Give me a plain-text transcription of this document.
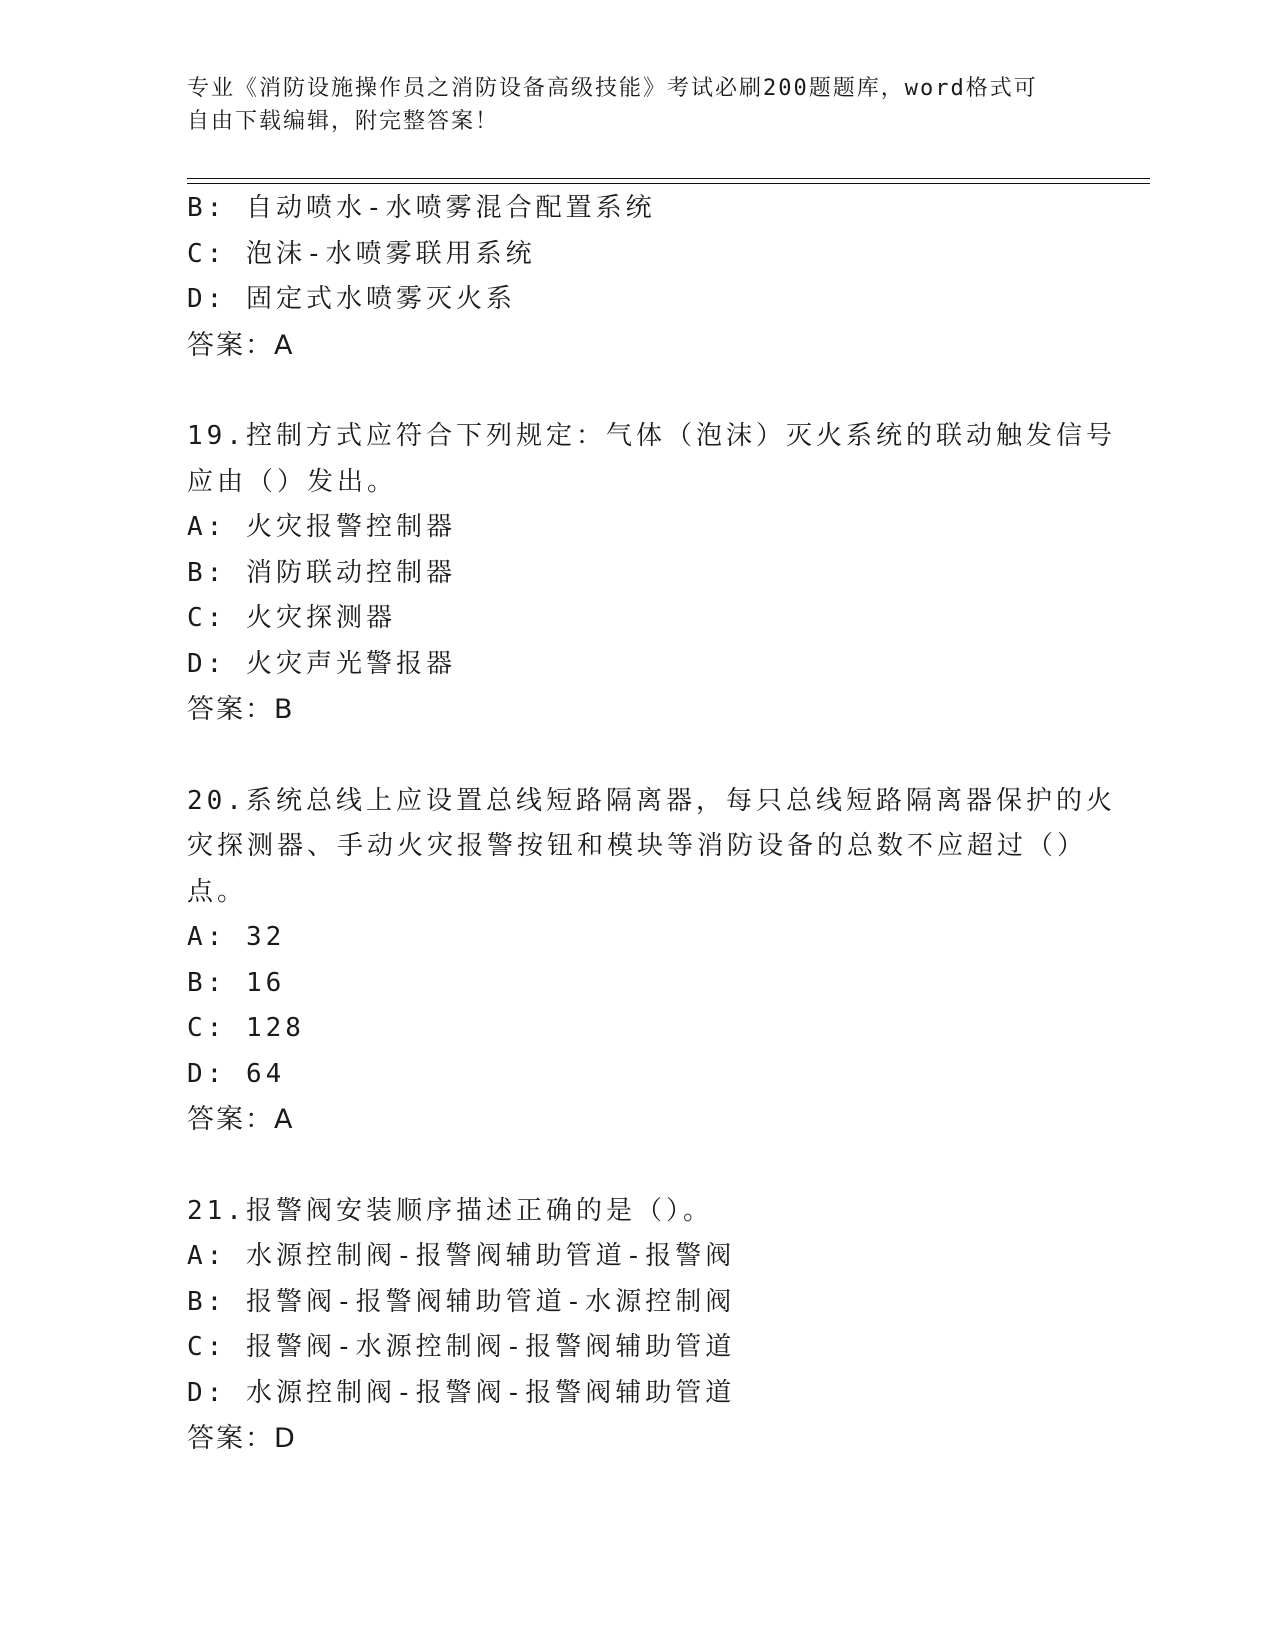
专业《消防设施操作员之消防设备高级技能》考试必刷200题题库，word格式可
自由下载编辑，附完整答案！
B: 自动喷水-水喷雾混合配置系统
C: 泡沫-水喷雾联用系统
D: 固定式水喷雾灭火系
答案：A
19.控制方式应符合下列规定：气体（泡沫）灭火系统的联动触发信号
应由（）发出。
A: 火灾报警控制器
B: 消防联动控制器
C: 火灾探测器
D: 火灾声光警报器
答案：B
20.系统总线上应设置总线短路隔离器，每只总线短路隔离器保护的火
灾探测器、手动火灾报警按钮和模块等消防设备的总数不应超过（）
点。
A: 32
B: 16
C: 128
D: 64
答案：A
21.报警阀安装顺序描述正确的是（）。
A: 水源控制阀-报警阀辅助管道-报警阀
B: 报警阀-报警阀辅助管道-水源控制阀
C: 报警阀-水源控制阀-报警阀辅助管道
D: 水源控制阀-报警阀-报警阀辅助管道
答案：D
